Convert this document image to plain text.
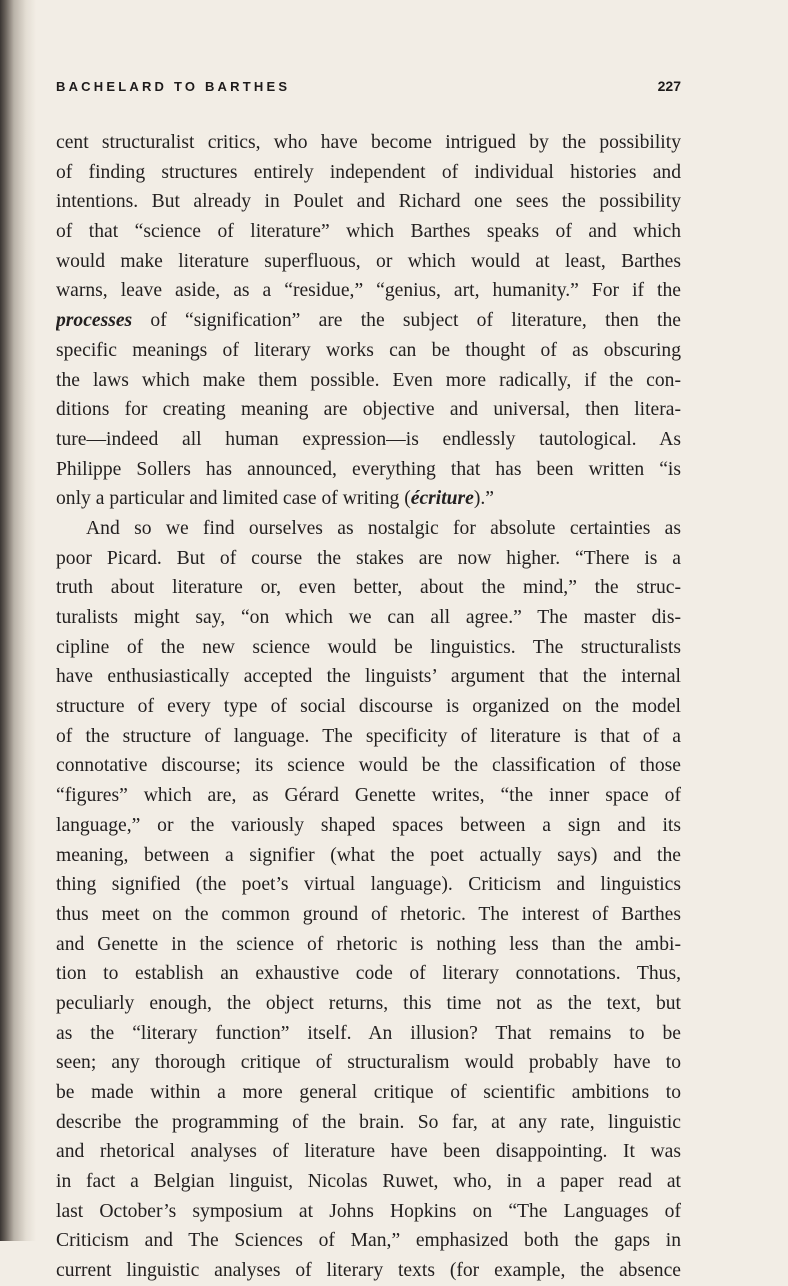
BACHELARD TO BARTHES	227
cent structuralist critics, who have become intrigued by the possibility
of finding structures entirely independent of individual histories and
intentions. But already in Poulet and Richard one sees the possibility
of that “science of literature” which Barthes speaks of and which
would make literature superfluous, or which would at least, Barthes
warns, leave aside, as a “residue,” “genius, art, humanity.” For if the
processes of “signification” are the subject of literature, then the
specific meanings of literary works can be thought of as obscuring
the laws which make them possible. Even more radically, if the con-
ditions for creating meaning are objective and universal, then litera-
ture—indeed all human expression—is endlessly tautological. As
Philippe Sollers has announced, everything that has been written “is
only a particular and limited case of writing (écriture).”
And so we find ourselves as nostalgic for absolute certainties as
poor Picard. But of course the stakes are now higher. “There is a
truth about literature or, even better, about the mind,” the struc-
turalists might say, “on which we can all agree.” The master dis-
cipline of the new science would be linguistics. The structuralists
have enthusiastically accepted the linguists’ argument that the internal
structure of every type of social discourse is organized on the model
of the structure of language. The specificity of literature is that of a
connotative discourse; its science would be the classification of those
“figures” which are, as Gérard Genette writes, “the inner space of
language,” or the variously shaped spaces between a sign and its
meaning, between a signifier (what the poet actually says) and the
thing signified (the poet’s virtual language). Criticism and linguistics
thus meet on the common ground of rhetoric. The interest of Barthes
and Genette in the science of rhetoric is nothing less than the ambi-
tion to establish an exhaustive code of literary connotations. Thus,
peculiarly enough, the object returns, this time not as the text, but
as the “literary function” itself. An illusion? That remains to be
seen; any thorough critique of structuralism would probably have to
be made within a more general critique of scientific ambitions to
describe the programming of the brain. So far, at any rate, linguistic
and rhetorical analyses of literature have been disappointing. It was
in fact a Belgian linguist, Nicolas Ruwet, who, in a paper read at
last October’s symposium at Johns Hopkins on “The Languages of
Criticism and The Sciences of Man,” emphasized both the gaps in
current linguistic analyses of literary texts (for example, the absence
